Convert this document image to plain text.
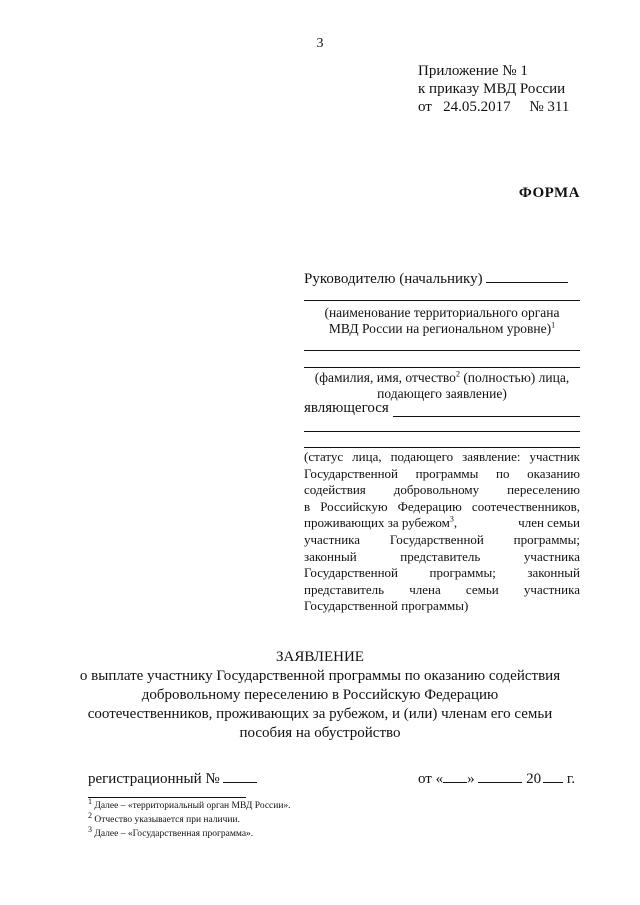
3
Приложение № 1
к приказу МВД России
от   24.05.2017     № 311
ФОРМА
Руководителю (начальнику)
(наименование территориального органа
МВД России на региональном уровне)$^1$
(фамилия, имя, отчество$^2$ (полностью) лица,
подающего заявление)
являющегося
(статус лица, подающего заявление: участник
Государственной программы по оказанию
содействия добровольному переселению
в Российскую Федерацию соотечественников,
проживающих за рубежом$^3$,	член семьи
участника Государственной программы;
законный представитель участника
Государственной программы; законный
представитель члена семьи участника
Государственной программы)
ЗАЯВЛЕНИЕ
о выплате участнику Государственной программы по оказанию содействия
добровольному переселению в Российскую Федерацию
соотечественников, проживающих за рубежом, и (или) членам его семьи
пособия на обустройство
регистрационный №	от « »	20 г.
$^1$ Далее – «территориальный орган МВД России».
$^2$ Отчество указывается при наличии.
$^3$ Далее – «Государственная программа».
